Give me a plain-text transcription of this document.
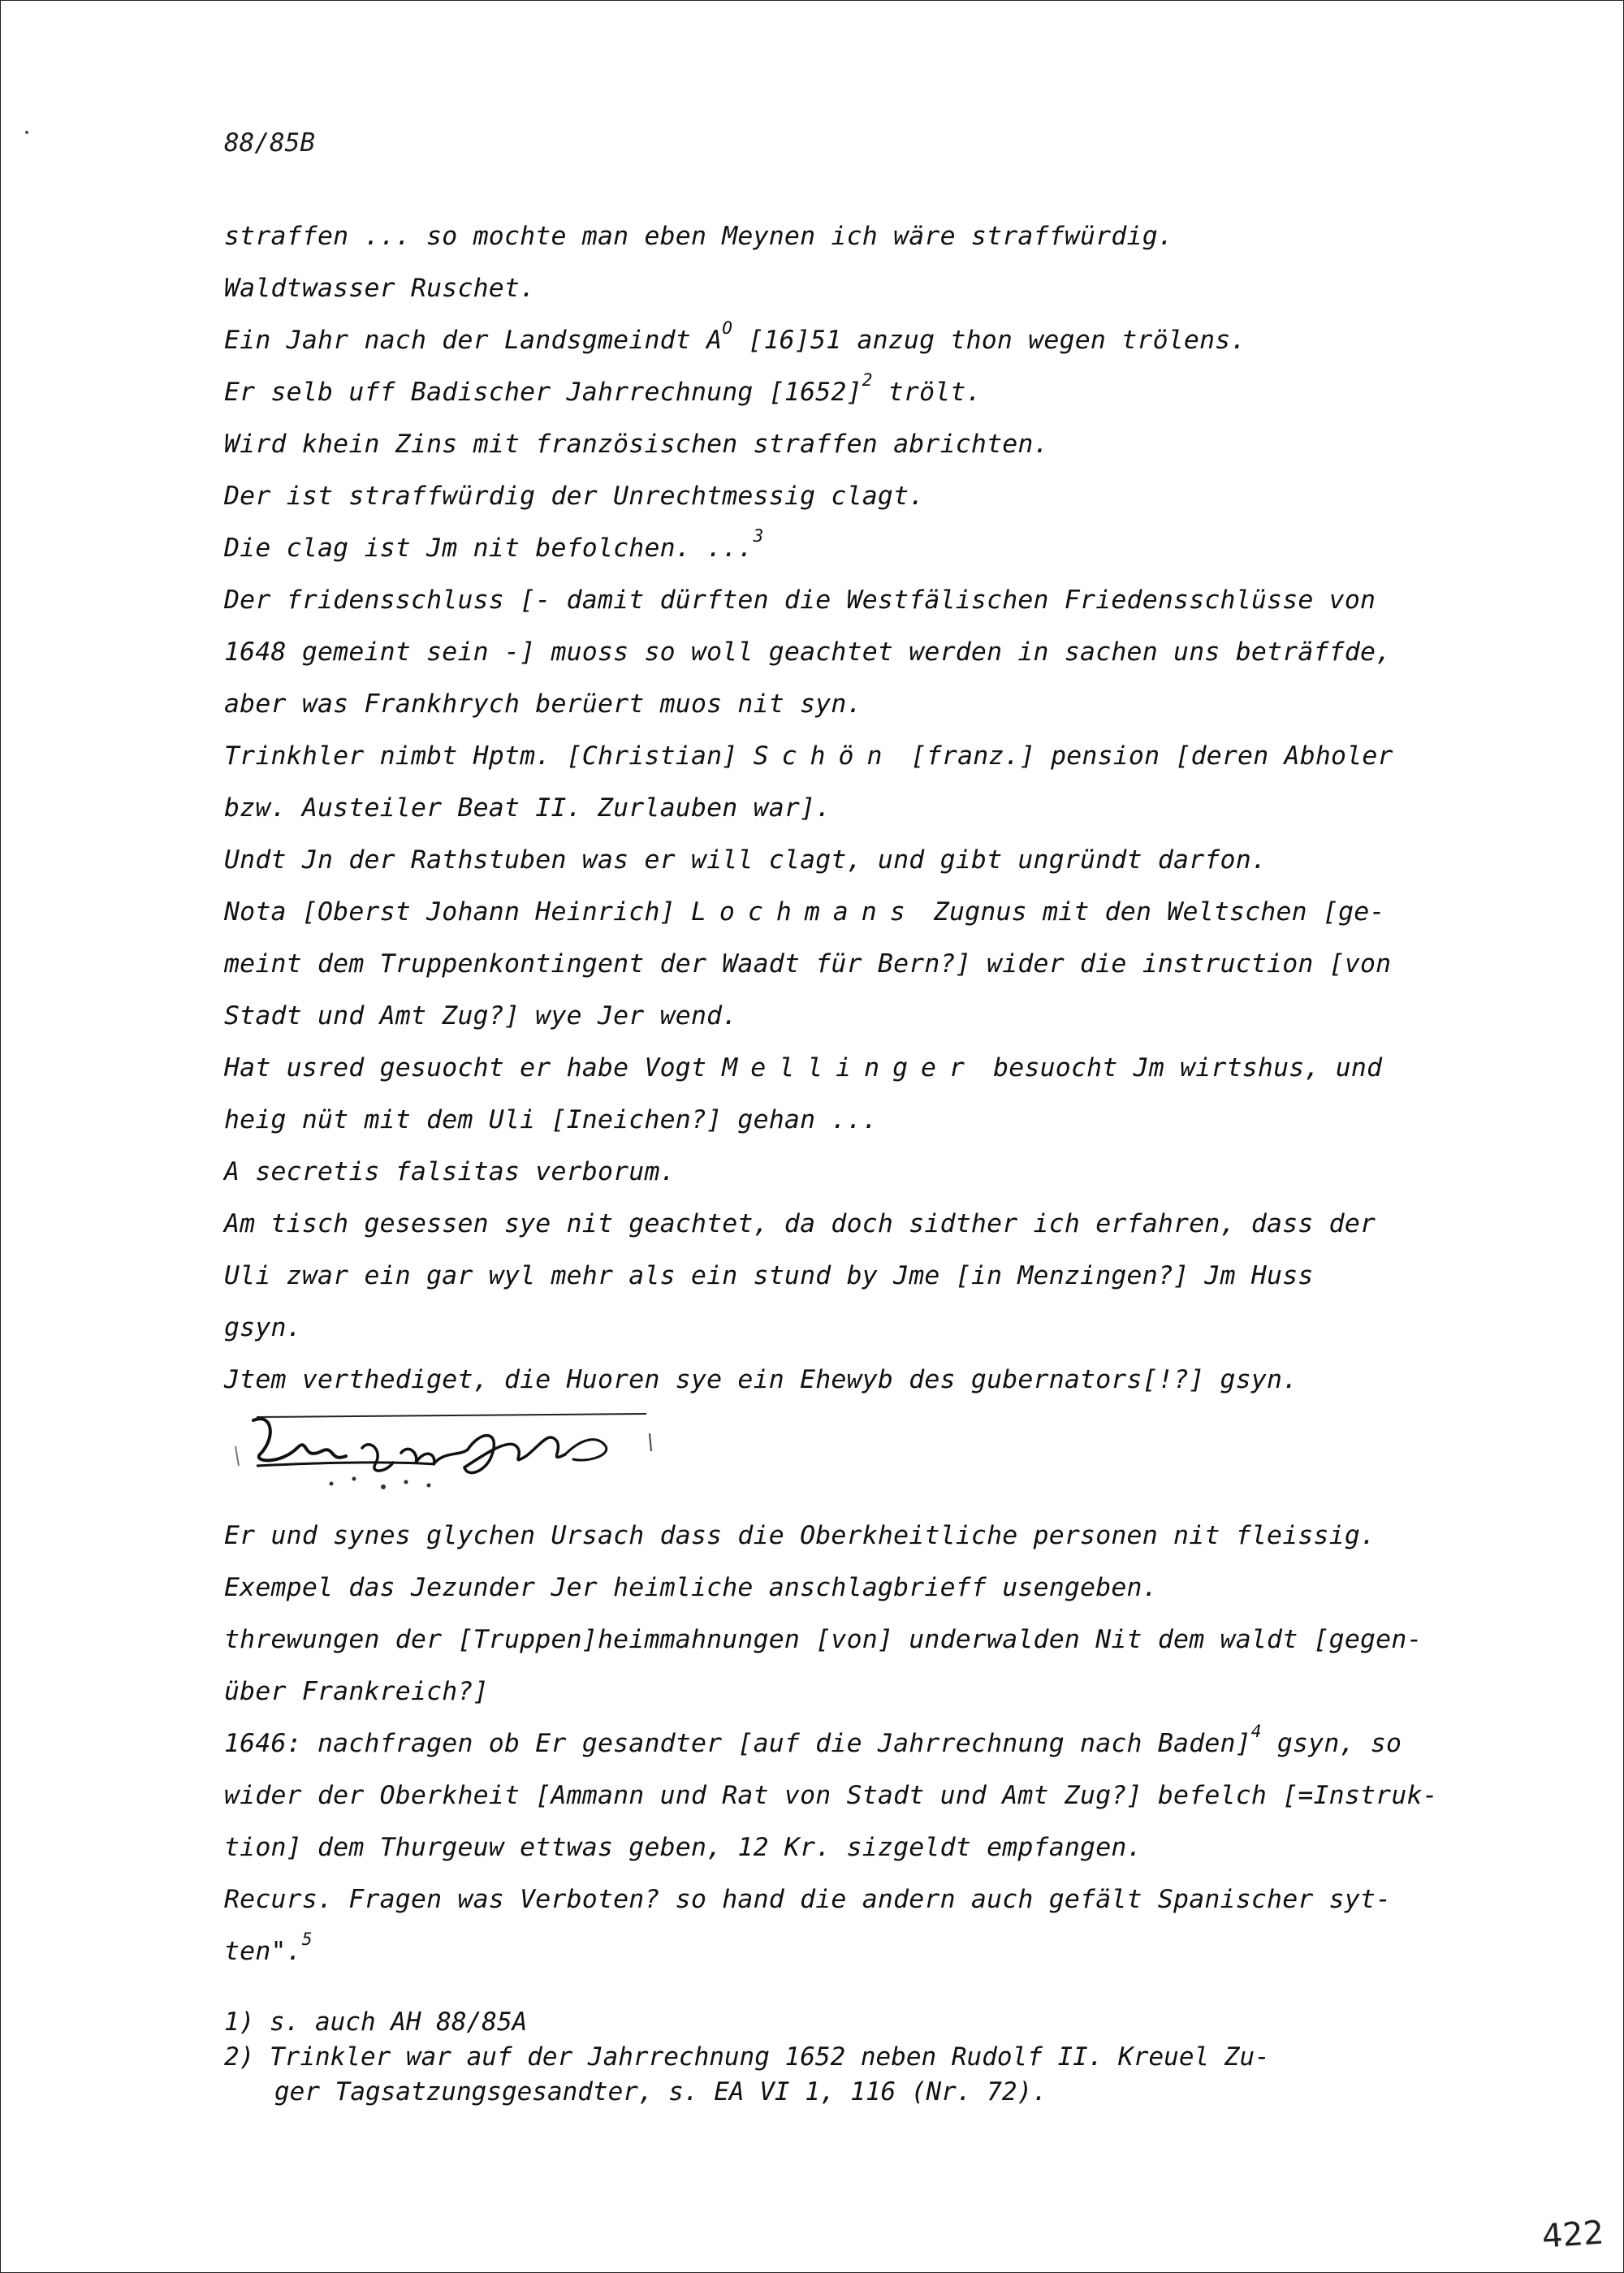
88/85B
straffen ... so mochte man eben Meynen ich wäre straffwürdig.
Waldtwasser Ruschet.
Ein Jahr nach der Landsgmeindt $A^O$ [16]51 anzug thon wegen trölens.
Er selb uff Badischer Jahrrechnung $[1652]^2$ trölt.
Wird khein Zins mit französischen straffen abrichten.
Der ist straffwürdig der Unrechtmessig clagt.
Die clag ist Jm nit befolchen. ...$^3$
Der fridensschluss [- damit dürften die Westfälischen Friedensschlüsse von
1648 gemeint sein -] muoss so woll geachtet werden in sachen uns beträffde,
aber was Frankhrych berüert muos nit syn.
Trinkhler nimbt Hptm. [Christian] Schön [franz.] pension [deren Abholer
bzw. Austeiler Beat II. Zurlauben war].
Undt Jn der Rathstuben was er will clagt, und gibt ungründt darfon.
Nota [Oberst Johann Heinrich] Lochmans Zugnus mit den Weltschen [ge-
meint dem Truppenkontingent der Waadt für Bern?] wider die instruction [von
Stadt und Amt Zug?] wye Jer wend.
Hat usred gesuocht er habe Vogt Mellinger besuocht Jm wirtshus, und
heig nüt mit dem Uli [Ineichen?] gehan ...
A secretis falsitas verborum.
Am tisch gesessen sye nit geachtet, da doch sidther ich erfahren, dass der
Uli zwar ein gar wyl mehr als ein stund by Jme [in Menzingen?] Jm Huss
gsyn.
Jtem verthediget, die Huoren sye ein Ehewyb des gubernators[!?] gsyn.
Er und synes glychen Ursach dass die Oberkheitliche personen nit fleissig.
Exempel das Jezunder Jer heimliche anschlagbrieff usengeben.
threwungen der [Truppen]heimmahnungen [von] underwalden Nit dem waldt [gegen-
über Frankreich?]
1646: nachfragen ob Er gesandter [auf die Jahrrechnung nach Baden]$^4$ gsyn, so
wider der Oberkheit [Ammann und Rat von Stadt und Amt Zug?] befelch [=Instruk-
tion] dem Thurgeuw ettwas geben, 12 Kr. sizgeldt empfangen.
Recurs. Fragen was Verboten? so hand die andern auch gefält Spanischer syt-
ten".$^5$
1) s. auch AH 88/85A
2) Trinkler war auf der Jahrrechnung 1652 neben Rudolf II. Kreuel Zu-
ger Tagsatzungsgesandter, s. EA VI 1, 116 (Nr. 72).
422
